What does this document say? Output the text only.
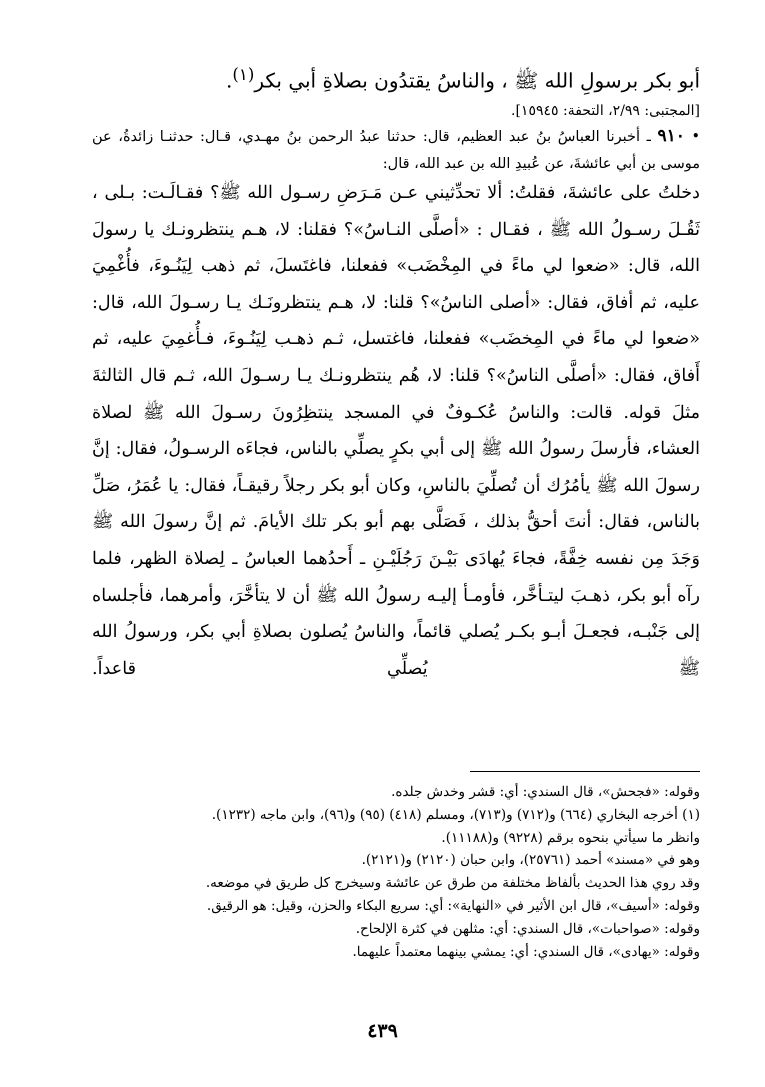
أبو بكر برسولِ الله ﷺ ، والناسُ يقتدُون بصلاةِ أبي بكر$^{(١)}$.
[المجتبى: ٢/٩٩، التحفة: ١٥٩٤٥].
• ٩١٠ ـ أخبرنا العباسُ بنُ عبد العظيم، قال: حدثنا عبدُ الرحمن بنُ مهـدي، قـال: حدثنـا زائدةُ، عن موسى بن أبي عائشةَ، عن عُبيدِ الله بن عبد الله، قال:

دخلتُ على عائشةَ، فقلتُ: ألا تحدِّثيني عـن مَـرَضِ رسـول الله ﷺ؟ فقـالَـت: بـلى ، ثَقُـلَ رسـولُ الله ﷺ ، فقـال : «أصلَّى النـاسُ»؟ فقلنا: لا، هـم ينتظرونـك يا رسولَ الله، قال: «ضعوا لي ماءً في المِخْضَب» ففعلنا، فاغتَسلَ، ثم ذهب لِيَنُـوءَ، فأُغْمِيَ عليه، ثم أفاق، فقال: «أصلى الناسُ»؟ قلنا: لا، هـم ينتظرونَـك يـا رسـولَ الله، قال: «ضعوا لي ماءً في المِخضَب» ففعلنا، فاغتسل، ثـم ذهـب لِيَنُـوءَ، فـأُغمِيَ عليه، ثم أَفاق، فقال: «أصلَّى الناسُ»؟ قلنا: لا، هُم ينتظرونـك يـا رسـولَ الله، ثـم قال الثالثةَ مثلَ قوله. قالت: والناسُ عُكـوفٌ في المسجد ينتظِرُونَ رسـولَ الله ﷺ لصلاة العشاء، فأرسلَ رسولُ الله ﷺ إلى أبي بكرٍ يصلِّي بالناس، فجاءَه الرسـولُ، فقال: إنَّ رسولَ الله ﷺ يأمُرُك أن تُصلِّيَ بالناسِ، وكان أبو بكر رجلاً رقيقـاً، فقال: يا عُمَرُ، صَلِّ بالناس، فقال: أنتَ أحقُّ بذلك ، فَصَلَّى بهم أبو بكر تلك الأيامَ. ثم إنَّ رسولَ الله ﷺ وَجَدَ مِن نفسه خِفَّةً، فجاءَ يُهادَى بَيْـنَ رَجُلَيْـنِ ـ أَحدُهما العباسُ ـ لِصلاة الظهر، فلما رآه أبو بكر، ذهـبَ ليتـأخَّر، فأومـأ إليـه رسولُ الله ﷺ أن لا يتأخَّرَ، وأمرهما، فأجلساه إلى جَنْبـه، فجعـلَ أبـو بكـر يُصلي قائماً، والناسُ يُصلون بصلاةِ أبي بكر، ورسولُ الله ﷺ يُصلِّي قاعداً.

وقوله: «فجحش»، قال السندي: أي: قشر وخدش جلده.

(١) أخرجه البخاري (٦٦٤) و(٧١٢) و(٧١٣)، ومسلم (٤١٨) (٩٥) و(٩٦)، وابن ماجه (١٢٣٢).

وانظر ما سيأتي بنحوه برقم (٩٢٢٨) و(١١١٨٨).

وهو في «مسند» أحمد (٢٥٧٦١)، وابن حبان (٢١٢٠) و(٢١٢١).

وقد روي هذا الحديث بألفاظ مختلفة من طرق عن عائشة وسيخرج كل طريق في موضعه.

وقوله: «أسيف»، قال ابن الأثير في «النهاية»: أي: سريع البكاء والحزن، وقيل: هو الرقيق.

وقوله: «صواحبات»، قال السندي: أي: مثلهن في كثرة الإلحاح.

وقوله: «يهادى»، قال السندي: أي: يمشي بينهما معتمداً عليهما.

٤٣٩
